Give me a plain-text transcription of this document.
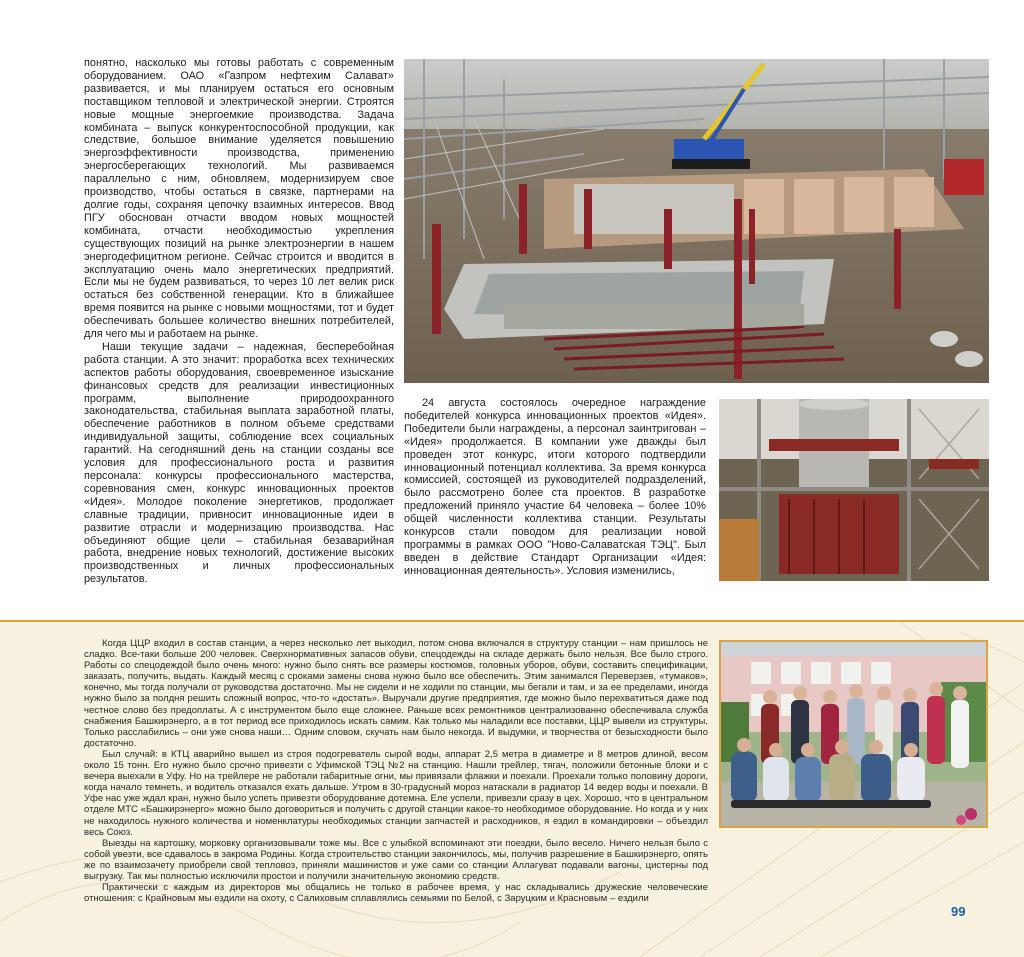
понятно, насколько мы готовы работать с современным оборудованием. ОАО «Газпром нефтехим Салават» развивается, и мы планируем остаться его основным поставщиком тепловой и электрической энергии. Строятся новые мощные энергоемкие производства. Задача комбината – выпуск конкурентоспособной продукции, как следствие, большое внимание уделяется повышению энергоэффективности производства, применению энергосберегающих технологий. Мы развиваемся параллельно с ним, обновляем, модернизируем свое производство, чтобы остаться в связке, партнерами на долгие годы, сохраняя цепочку взаимных интересов. Ввод ПГУ обоснован отчасти вводом новых мощностей комбината, отчасти необходимостью укрепления существующих позиций на рынке электроэнергии в нашем энергодефицитном регионе. Сейчас строится и вводится в эксплуатацию очень мало энергетических предприятий. Если мы не будем развиваться, то через 10 лет велик риск остаться без собственной генерации. Кто в ближайшее время появится на рынке с новыми мощностями, тот и будет обеспечивать большее количество внешних потребителей, для чего мы и работаем на рынке.

Наши текущие задачи – надежная, бесперебойная работа станции. А это значит: проработка всех технических аспектов работы оборудования, своевременное изыскание финансовых средств для реализации инвестиционных программ, выполнение природоохранного законодательства, стабильная выплата заработной платы, обеспечение работников в полном объеме средствами индивидуальной защиты, соблюдение всех социальных гарантий. На сегодняшний день на станции созданы все условия для профессионального роста и развития персонала: конкурсы профессионального мастерства, соревнования смен, конкурс инновационных проектов «Идея». Молодое поколение энергетиков, продолжает славные традиции, привносит инновационные идеи в развитие отрасли и модернизацию производства. Нас объединяют общие цели – стабильная безаварийная работа, внедрение новых технологий, достижение высоких производственных и личных профессиональных результатов.

24 августа состоялось очередное награждение победителей конкурса инновационных проектов «Идея». Победители были награждены, а персонал заинтригован – «Идея» продолжается. В компании уже дважды был проведен этот конкурс, итоги которого подтвердили инновационный потенциал коллектива. За время конкурса комиссией, состоящей из руководителей подразделений, было рассмотрено более ста проектов. В разработке предложений приняло участие 64 человека – более 10% общей численности коллектива станции. Результаты конкурсов стали поводом для реализации новой программы в рамках ООО "Ново-Салаватская ТЭЦ". Был введен в действие Стандарт Организации «Идея: инновационная деятельность». Условия изменились,

Когда ЦЦР входил в состав станции, а через несколько лет выходил, потом снова включался в структуру станции – нам пришлось не сладко. Все-таки больше 200 человек. Сверхнормативных запасов обуви, спецодежды на складе держать было нельзя. Все было строго. Работы со спецодеждой было очень много: нужно было снять все размеры костюмов, головных уборов, обуви, составить спецификации, заказать, получить, выдать. Каждый месяц с сроками замены снова нужно было все обеспечить. Этим занимался Переверзев, «тумаков», конечно, мы тогда получали от руководства достаточно. Мы не сидели и не ходили по станции, мы бегали и там, и за ее пределами, иногда нужно было за полдня решить сложный вопрос, что-то «достать». Выручали другие предприятия, где можно было перехватиться даже под честное слово без предоплаты. А с инструментом было еще сложнее. Раньше всех ремонтников централизованно обеспечивала служба снабжения Башкирэнерго, а в тот период все приходилось искать самим. Как только мы наладили все поставки, ЦЦР вывели из структуры. Только расслабились – они уже снова наши… Одним словом, скучать нам было некогда. И выдумки, и творчества от безысходности было достаточно.

Был случай: в КТЦ аварийно вышел из строя подогреватель сырой воды, аппарат 2,5 метра в диаметре и 8 метров длиной, весом около 15 тонн. Его нужно было срочно привезти с Уфимской ТЭЦ №2 на станцию. Нашли трейлер, тягач, положили бетонные блоки и с вечера выехали в Уфу. Но на трейлере не работали габаритные огни, мы привязали флажки и поехали. Проехали только половину дороги, когда начало темнеть, и водитель отказался ехать дальше. Утром в 30-градусный мороз натаскали в радиатор 14 ведер воды и поехали. В Уфе нас уже ждал кран, нужно было успеть привезти оборудование дотемна. Еле успели, привезли сразу в цех. Хорошо, что в центральном отделе МТС «Башкирэнерго» можно было договориться и получить с другой станции какое-то необходимое оборудование. Но когда и у них не находилось нужного количества и номенклатуры необходимых станции запчастей и расходников, я ездил в командировки – объездил весь Союз.

Выезды на картошку, морковку организовывали тоже мы. Все с улыбкой вспоминают эти поездки, было весело. Ничего нельзя было с собой увезти, все сдавалось в закрома Родины. Когда строительство станции закончилось, мы, получив разрешение в Башкирэнерго, опять же по взаимозачету приобрели свой тепловоз, приняли машинистов и уже сами со станции Аллагуват подавали вагоны, цистерны под выгрузку. Так мы полностью исключили простои и получили значительную экономию средств.

Практически с каждым из директоров мы общались не только в рабочее время, у нас складывались дружеские человеческие отношения: с Крайновым мы ездили на охоту, с Салиховым сплавлялись семьями по Белой, с Заруцким и Красновым – ездили

99
